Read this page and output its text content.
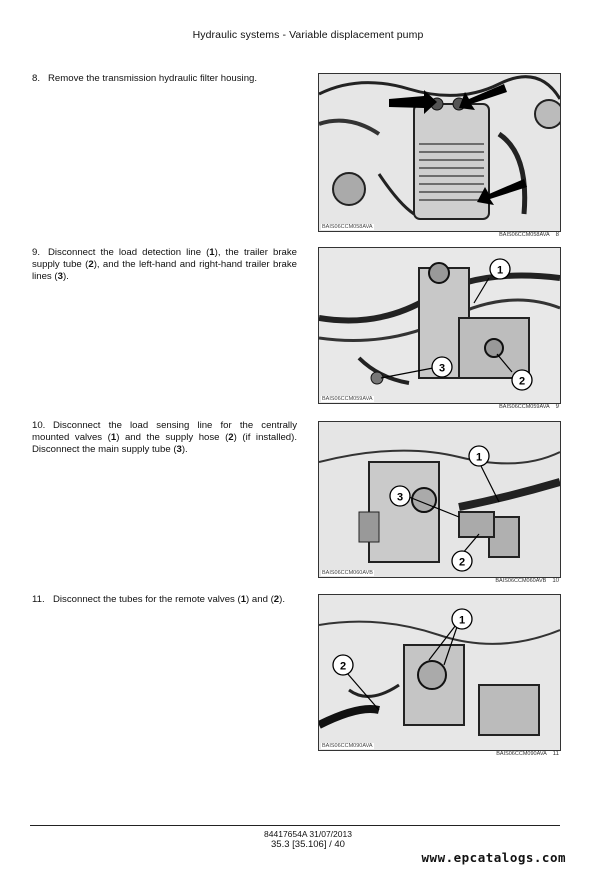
Hydraulic systems - Variable displacement pump
8. Remove the transmission hydraulic filter housing.
9. Disconnect the load detection line (1), the trailer brake supply tube (2), and the left-hand and right-hand trailer brake lines (3).
10. Disconnect the load sensing line for the centrally mounted valves (1) and the supply hose (2) (if installed). Disconnect the main supply tube (3).
11. Disconnect the tubes for the remote valves (1) and (2).
BAIS06CCM058AVA
BAIS06CCM058AVA 8
1
2
3
BAIS06CCM059AVA
BAIS06CCM059AVA 9
1
2
3
BAIS06CCM060AVB
BAIS06CCM060AVB 10
1
2
BAIS06CCM090AVA
BAIS06CCM090AVA 11
84417654A 31/07/2013
35.3 [35.106] / 40
www.epcatalogs.com
